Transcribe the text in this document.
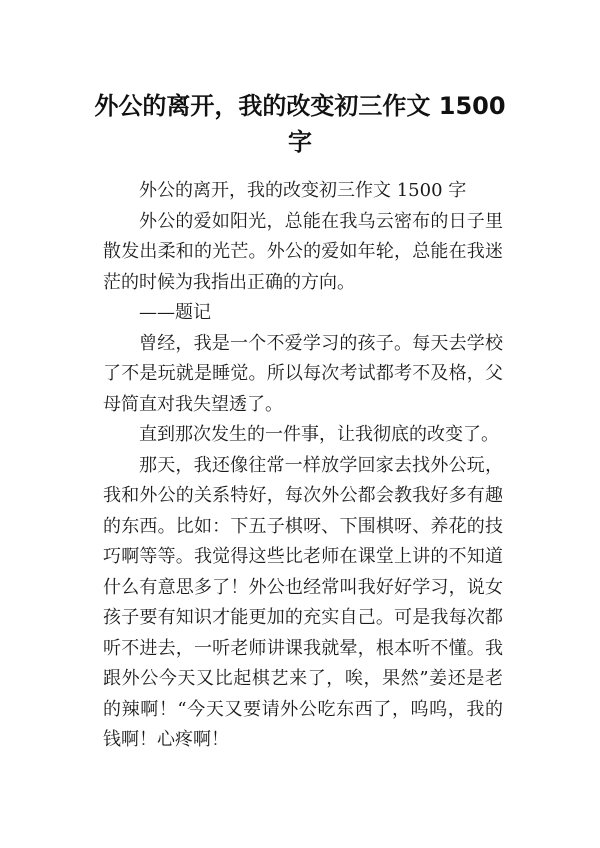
外公的离开，我的改变初三作文 1500
字

外公的离开，我的改变初三作文 1500 字

外公的爱如阳光，总能在我乌云密布的日子里散发出柔和的光芒。外公的爱如年轮，总能在我迷茫的时候为我指出正确的方向。

——题记

曾经，我是一个不爱学习的孩子。每天去学校了不是玩就是睡觉。所以每次考试都考不及格，父母简直对我失望透了。

直到那次发生的一件事，让我彻底的改变了。

那天，我还像往常一样放学回家去找外公玩，我和外公的关系特好，每次外公都会教我好多有趣的东西。比如：下五子棋呀、下围棋呀、养花的技巧啊等等。我觉得这些比老师在课堂上讲的不知道什么有意思多了！外公也经常叫我好好学习，说女孩子要有知识才能更加的充实自己。可是我每次都听不进去，一听老师讲课我就晕，根本听不懂。我跟外公今天又比起棋艺来了，唉，果然”姜还是老的辣啊！“今天又要请外公吃东西了，呜呜，我的钱啊！心疼啊！
